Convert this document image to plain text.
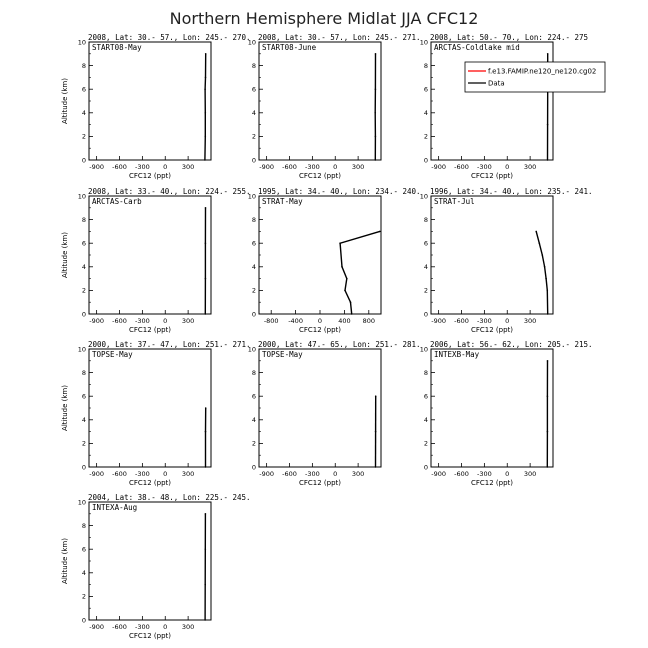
Northern Hemisphere Midlat JJA CFC12
2008, Lat: 30.- 57., Lon: 245.- 270.
START08-May
0
2
4
6
8
10
-900 -600 -300 0 300
CFC12 (ppt)
Altitude (km)
2008, Lat: 30.- 57., Lon: 245.- 271.
START08-June
0
2
4
6
8
10
-900 -600 -300 0 300
CFC12 (ppt)
2008, Lat: 50.- 70., Lon: 224.- 275
ARCTAS-Coldlake mid
0
2
4
6
8
10
-900 -600 -300 0 300
CFC12 (ppt)
f.e13.FAMIP.ne120_ne120.cg02
Data
2008, Lat: 33.- 40., Lon: 224.- 255.
ARCTAS-Carb
0
2
4
6
8
10
-900 -600 -300 0 300
CFC12 (ppt)
Altitude (km)
1995, Lat: 34.- 40., Lon: 234.- 240.
STRAT-May
0
2
4
6
8
10
-800 -400 0 400 800
CFC12 (ppt)
1996, Lat: 34.- 40., Lon: 235.- 241.
STRAT-Jul
0
2
4
6
8
10
-900 -600 -300 0 300
CFC12 (ppt)
2000, Lat: 37.- 47., Lon: 251.- 271.
TOPSE-May
0
2
4
6
8
10
-900 -600 -300 0 300
CFC12 (ppt)
Altitude (km)
2000, Lat: 47.- 65., Lon: 251.- 281.
TOPSE-May
0
2
4
6
8
10
-900 -600 -300 0 300
CFC12 (ppt)
2006, Lat: 56.- 62., Lon: 205.- 215.
INTEXB-May
0
2
4
6
8
10
-900 -600 -300 0 300
CFC12 (ppt)
2004, Lat: 38.- 48., Lon: 225.- 245.
INTEXA-Aug
0
2
4
6
8
10
-900 -600 -300 0 300
CFC12 (ppt)
Altitude (km)
